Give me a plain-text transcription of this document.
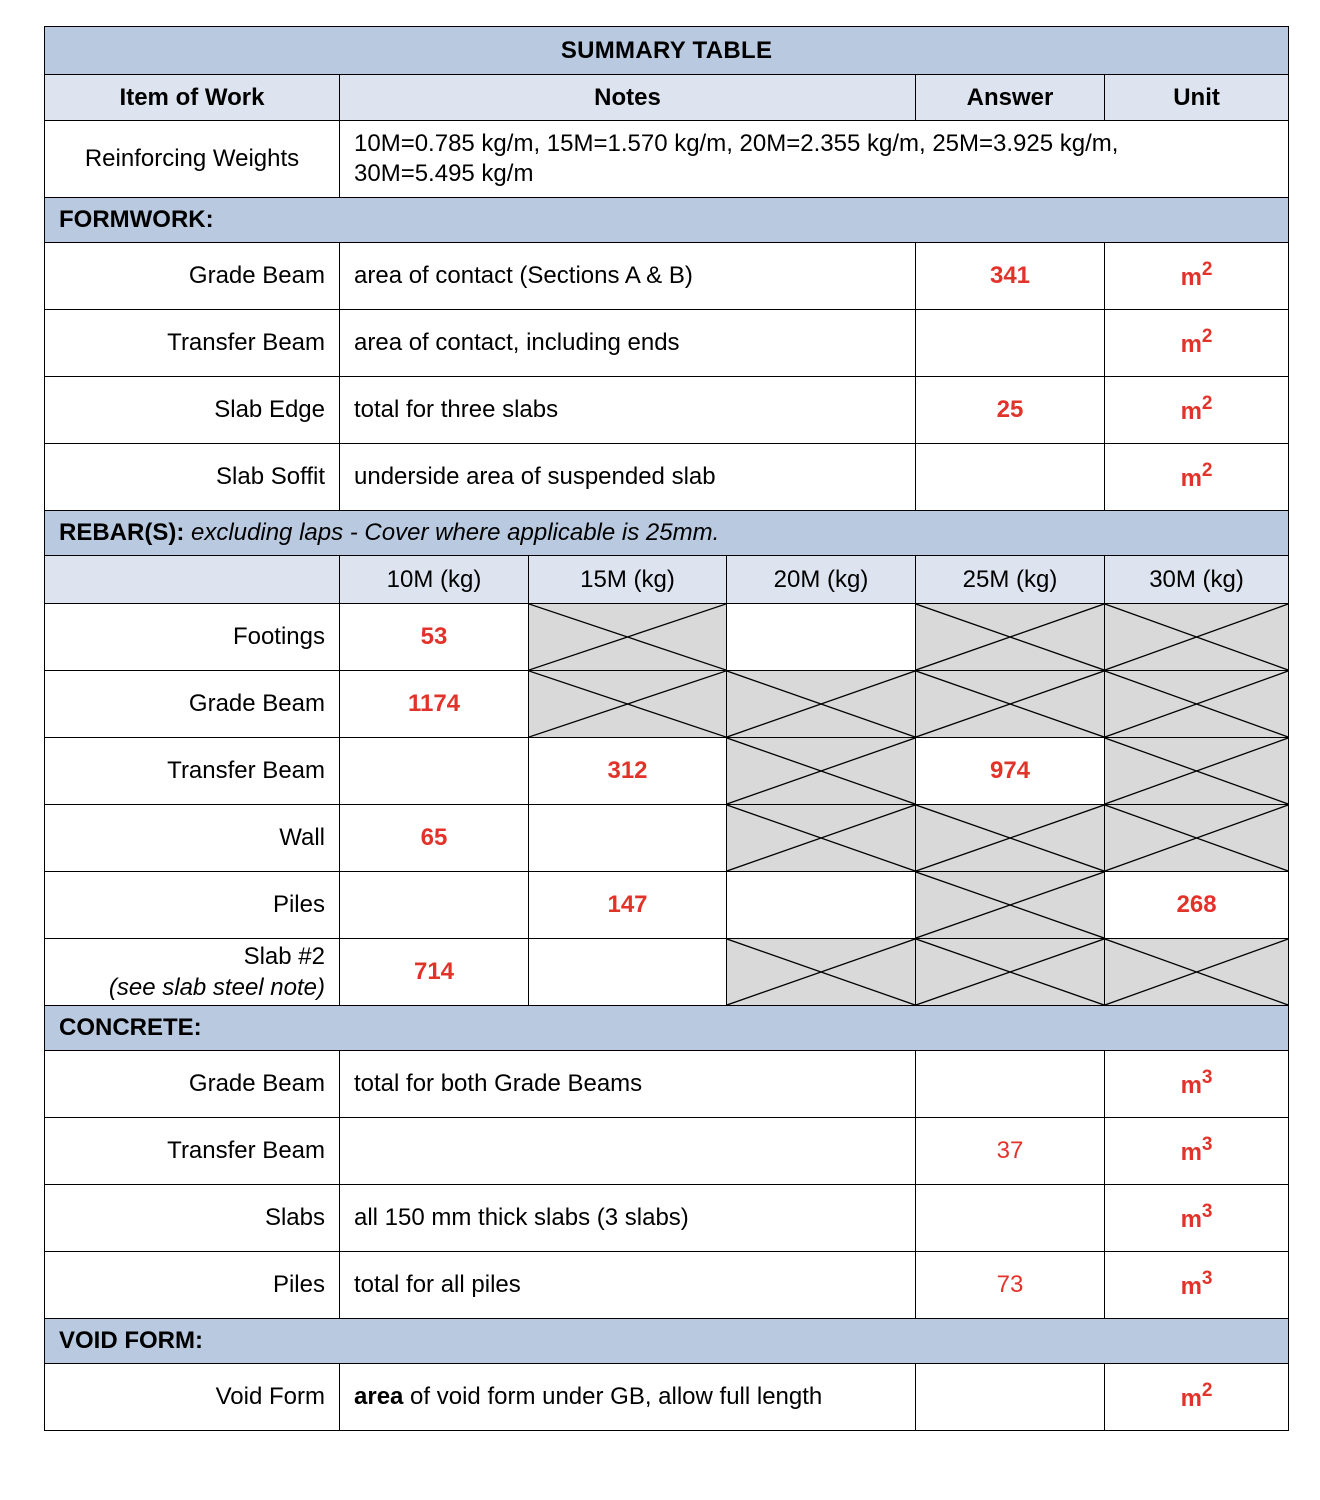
SUMMARY TABLE					
Item of Work	Notes			Answer	Unit
Reinforcing Weights	10M=0.785 kg/m, 15M=1.570 kg/m, 20M=2.355 kg/m, 25M=3.925 kg/m,
30M=5.495 kg/m				
FORMWORK:					
Grade Beam	area of contact (Sections A & B)			341	$m^2$
Transfer Beam	area of contact, including ends				$m^2$
Slab Edge	total for three slabs			25	$m^2$
Slab Soffit	underside area of suspended slab				$m^2$
REBAR(S): excluding laps - Cover where applicable is 25mm.					
	10M (kg)	15M (kg)	20M (kg)	25M (kg)	30M (kg)
Footings	53	

Grade Beam	1174	

Transfer Beam		312		974	

Wall	65		

Piles		147			268
Slab #2
(see slab steel note)	714		

CONCRETE:					
Grade Beam	total for both Grade Beams				$m^3$
Transfer Beam				37	$m^3$
Slabs	all 150 mm thick slabs (3 slabs)				$m^3$
Piles	total for all piles			73	$m^3$
VOID FORM:					
Void Form	area of void form under GB, allow full length				$m^2$
